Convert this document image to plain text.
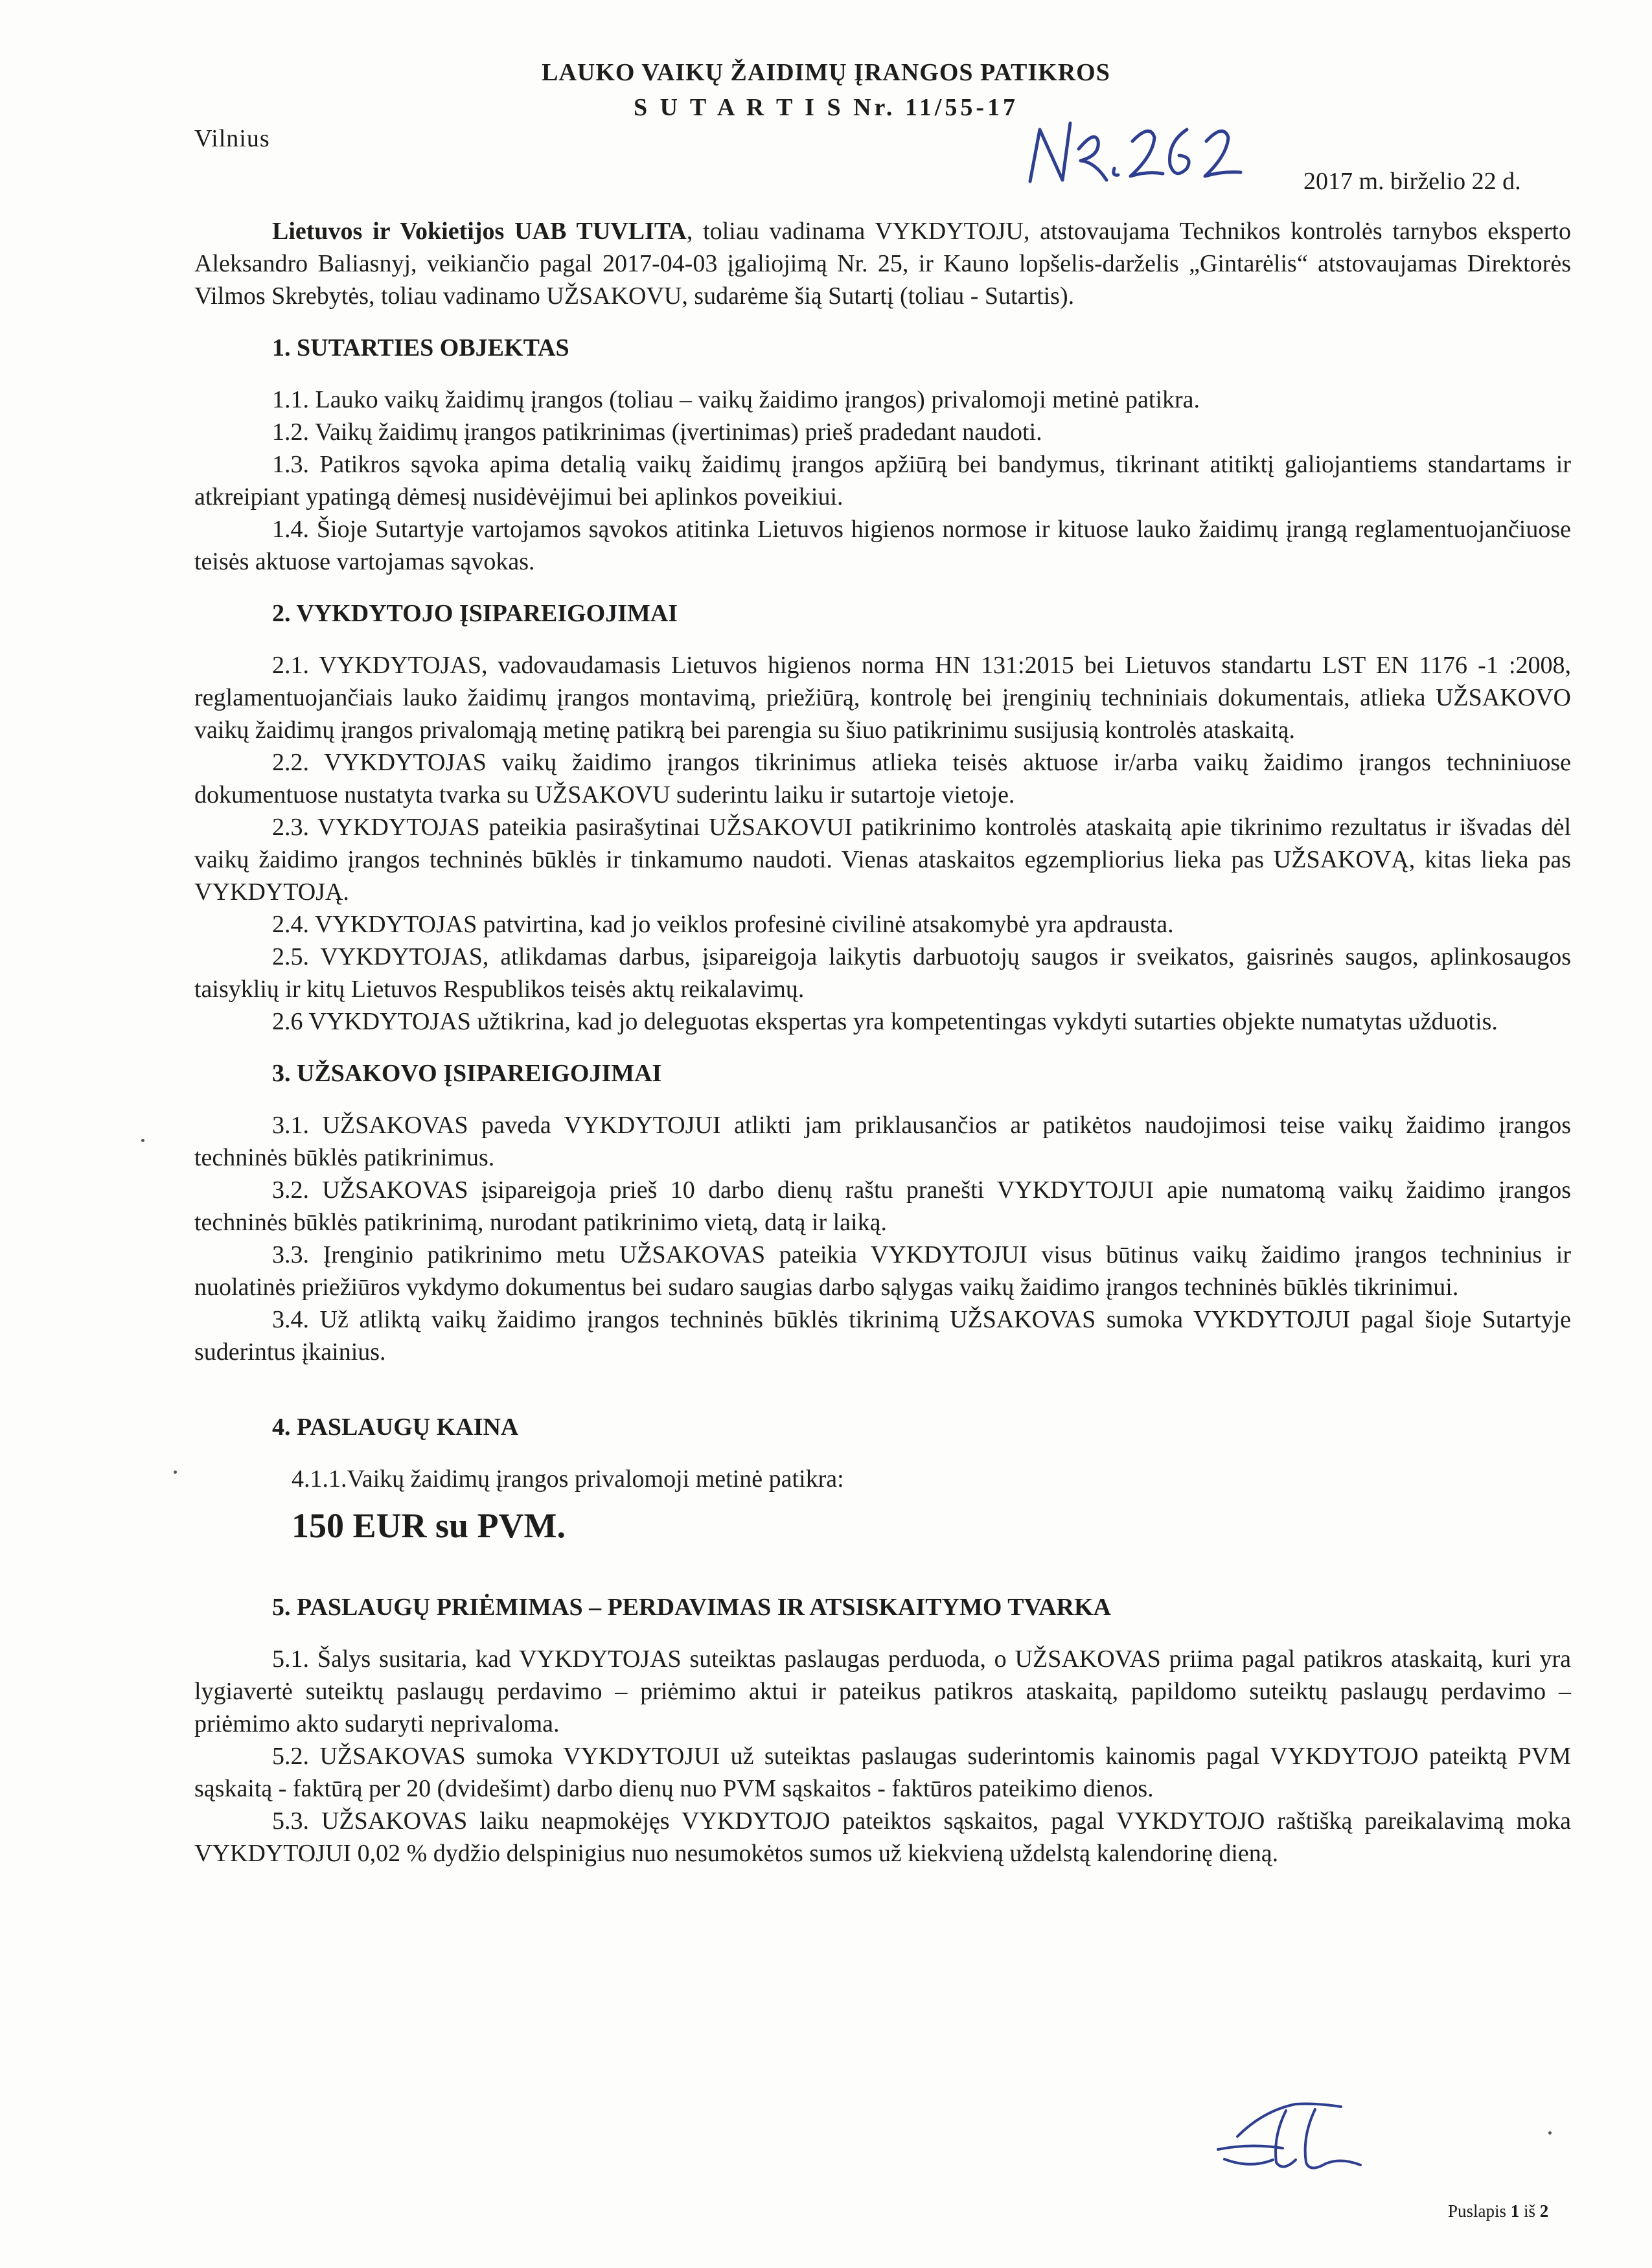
LAUKO VAIKŲ ŽAIDIMŲ ĮRANGOS PATIKROS
S U T A R T I S Nr. 11/55-17
Vilnius
2017 m. birželio 22 d.

Lietuvos ir Vokietijos UAB TUVLITA, toliau vadinama VYKDYTOJU, atstovaujama Technikos kontrolės tarnybos eksperto Aleksandro Baliasnyj, veikiančio pagal 2017-04-03 įgaliojimą Nr. 25, ir Kauno lopšelis-darželis „Gintarėlis“ atstovaujamas Direktorės Vilmos Skrebytės, toliau vadinamo UŽSAKOVU, sudarėme šią Sutartį (toliau - Sutartis).

1. SUTARTIES OBJEKTAS

1.1. Lauko vaikų žaidimų įrangos (toliau – vaikų žaidimo įrangos) privalomoji metinė patikra.

1.2. Vaikų žaidimų įrangos patikrinimas (įvertinimas) prieš pradedant naudoti.

1.3. Patikros sąvoka apima detalią vaikų žaidimų įrangos apžiūrą bei bandymus, tikrinant atitiktį galiojantiems standartams ir atkreipiant ypatingą dėmesį nusidėvėjimui bei aplinkos poveikiui.

1.4. Šioje Sutartyje vartojamos sąvokos atitinka Lietuvos higienos normose ir kituose lauko žaidimų įrangą reglamentuojančiuose teisės aktuose vartojamas sąvokas.

2. VYKDYTOJO ĮSIPAREIGOJIMAI

2.1. VYKDYTOJAS, vadovaudamasis Lietuvos higienos norma HN 131:2015 bei Lietuvos standartu LST EN 1176 -1 :2008, reglamentuojančiais lauko žaidimų įrangos montavimą, priežiūrą, kontrolę bei įrenginių techniniais dokumentais, atlieka UŽSAKOVO vaikų žaidimų įrangos privalomąją metinę patikrą bei parengia su šiuo patikrinimu susijusią kontrolės ataskaitą.

2.2. VYKDYTOJAS vaikų žaidimo įrangos tikrinimus atlieka teisės aktuose ir/arba vaikų žaidimo įrangos techniniuose dokumentuose nustatyta tvarka su UŽSAKOVU suderintu laiku ir sutartoje vietoje.

2.3. VYKDYTOJAS pateikia pasirašytinai UŽSAKOVUI patikrinimo kontrolės ataskaitą apie tikrinimo rezultatus ir išvadas dėl vaikų žaidimo įrangos techninės būklės ir tinkamumo naudoti. Vienas ataskaitos egzempliorius lieka pas UŽSAKOVĄ, kitas lieka pas VYKDYTOJĄ.

2.4. VYKDYTOJAS patvirtina, kad jo veiklos profesinė civilinė atsakomybė yra apdrausta.

2.5. VYKDYTOJAS, atlikdamas darbus, įsipareigoja laikytis darbuotojų saugos ir sveikatos, gaisrinės saugos, aplinkosaugos taisyklių ir kitų Lietuvos Respublikos teisės aktų reikalavimų.

2.6 VYKDYTOJAS užtikrina, kad jo deleguotas ekspertas yra kompetentingas vykdyti sutarties objekte numatytas užduotis.

3. UŽSAKOVO ĮSIPAREIGOJIMAI

3.1. UŽSAKOVAS paveda VYKDYTOJUI atlikti jam priklausančios ar patikėtos naudojimosi teise vaikų žaidimo įrangos techninės būklės patikrinimus.

3.2. UŽSAKOVAS įsipareigoja prieš 10 darbo dienų raštu pranešti VYKDYTOJUI apie numatomą vaikų žaidimo įrangos techninės būklės patikrinimą, nurodant patikrinimo vietą, datą ir laiką.

3.3. Įrenginio patikrinimo metu UŽSAKOVAS pateikia VYKDYTOJUI visus būtinus vaikų žaidimo įrangos techninius ir nuolatinės priežiūros vykdymo dokumentus bei sudaro saugias darbo sąlygas vaikų žaidimo įrangos techninės būklės tikrinimui.

3.4. Už atliktą vaikų žaidimo įrangos techninės būklės tikrinimą UŽSAKOVAS sumoka VYKDYTOJUI pagal šioje Sutartyje suderintus įkainius.

4. PASLAUGŲ KAINA
4.1.1.Vaikų žaidimų įrangos privalomoji metinė patikra:
150 EUR su PVM.
5. PASLAUGŲ PRIĖMIMAS – PERDAVIMAS IR ATSISKAITYMO TVARKA

5.1. Šalys susitaria, kad VYKDYTOJAS suteiktas paslaugas perduoda, o UŽSAKOVAS priima pagal patikros ataskaitą, kuri yra lygiavertė suteiktų paslaugų perdavimo – priėmimo aktui ir pateikus patikros ataskaitą, papildomo suteiktų paslaugų perdavimo – priėmimo akto sudaryti neprivaloma.

5.2. UŽSAKOVAS sumoka VYKDYTOJUI už suteiktas paslaugas suderintomis kainomis pagal VYKDYTOJO pateiktą PVM sąskaitą - faktūrą per 20 (dvidešimt) darbo dienų nuo PVM sąskaitos - faktūros pateikimo dienos.

5.3. UŽSAKOVAS laiku neapmokėjęs VYKDYTOJO pateiktos sąskaitos, pagal VYKDYTOJO raštišką pareikalavimą moka VYKDYTOJUI 0,02 % dydžio delspinigius nuo nesumokėtos sumos už kiekvieną uždelstą kalendorinę dieną.

Puslapis 1 iš 2
